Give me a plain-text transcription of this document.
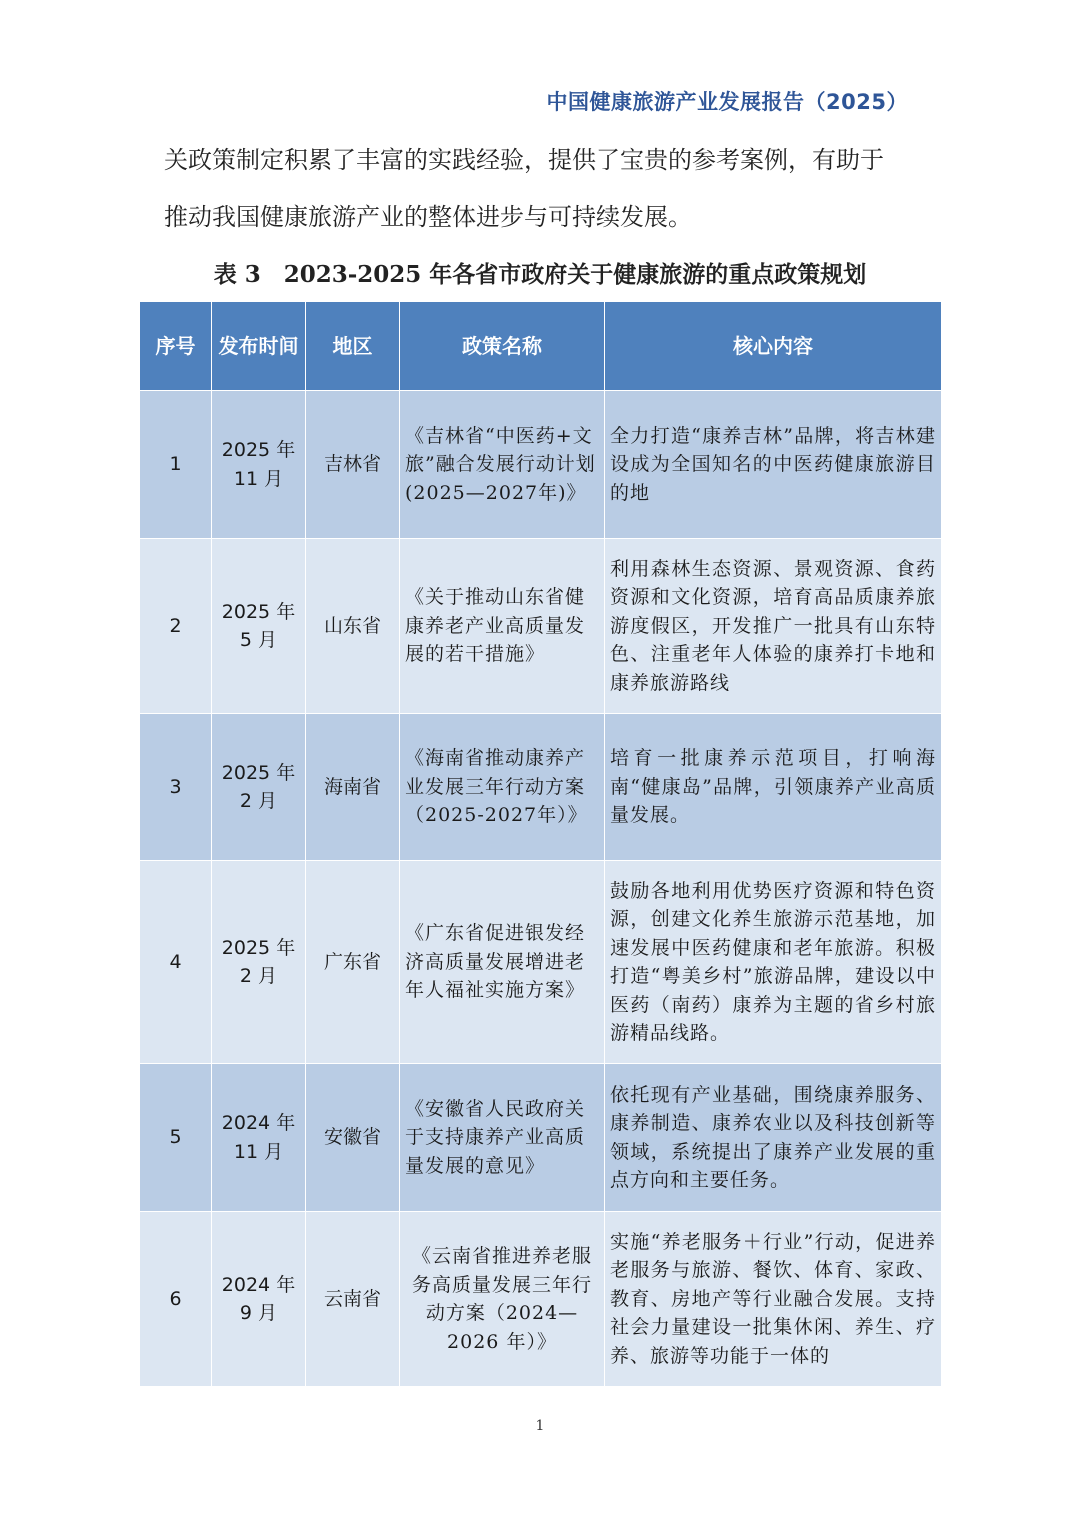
中国健康旅游产业发展报告（2025）

关政策制定积累了丰富的实践经验，提供了宝贵的参考案例，有助于

推动我国健康旅游产业的整体进步与可持续发展。

表 3　2023-2025 年各省市政府关于健康旅游的重点政策规划
序号	发布时间	地区	政策名称	核心内容
1	2025 年 11 月	吉林省	《吉林省“中医药+文旅”融合发展行动计划(2025—2027年)》	全力打造“康养吉林”品牌，将吉林建设成为全国知名的中医药健康旅游目的地
2	2025 年 5 月	山东省	《关于推动山东省健康养老产业高质量发展的若干措施》	利用森林生态资源、景观资源、食药资源和文化资源，培育高品质康养旅游度假区，开发推广一批具有山东特色、注重老年人体验的康养打卡地和康养旅游路线
3	2025 年 2 月	海南省	《海南省推动康养产业发展三年行动方案（2025-2027年）》	培育一批康养示范项目，打响海南“健康岛”品牌，引领康养产业高质量发展。
4	2025 年 2 月	广东省	《广东省促进银发经济高质量发展增进老年人福祉实施方案》	鼓励各地利用优势医疗资源和特色资源，创建文化养生旅游示范基地，加速发展中医药健康和老年旅游。积极打造“粤美乡村”旅游品牌，建设以中医药（南药）康养为主题的省乡村旅游精品线路。
5	2024 年 11 月	安徽省	《安徽省人民政府关于支持康养产业高质量发展的意见》	依托现有产业基础，围绕康养服务、康养制造、康养农业以及科技创新等领域，系统提出了康养产业发展的重点方向和主要任务。
6	2024 年 9 月	云南省	《云南省推进养老服务高质量发展三年行动方案（2024—2026 年）》	实施“养老服务＋行业”行动，促进养老服务与旅游、餐饮、体育、家政、教育、房地产等行业融合发展。支持社会力量建设一批集休闲、养生、疗养、旅游等功能于一体的
1
